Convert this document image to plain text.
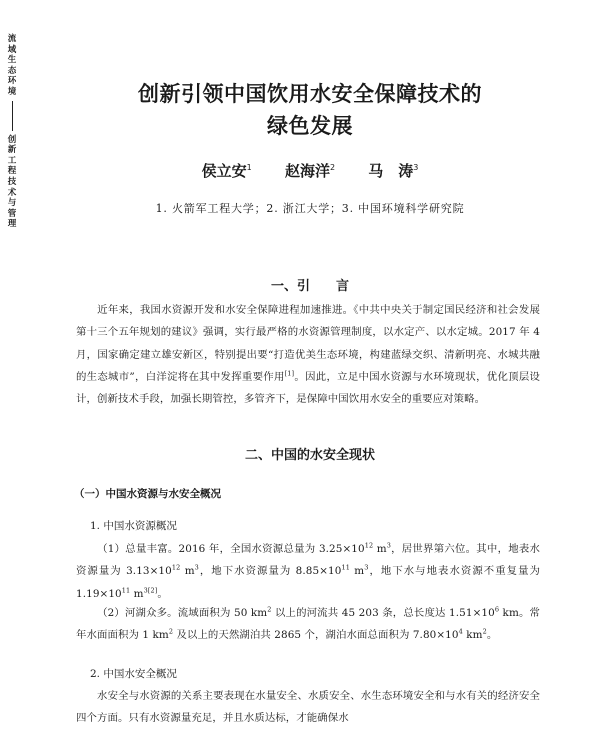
流
域
生
态
环
境
创
新
工
程
技
术
与
管
理
创新引领中国饮用水安全保障技术的
绿色发展
侯立安$^1$ 赵海洋$^2$ 马　涛$^3$
1. 火箭军工程大学；2. 浙江大学；3. 中国环境科学研究院
一、引　　言

近年来，我国水资源开发和水安全保障进程加速推进。《中共中央关于制定国民经济和社会发展第十三个五年规划的建议》强调，实行最严格的水资源管理制度，以水定产、以水定城。2017 年 4 月，国家确定建立雄安新区，特别提出要“打造优美生态环境，构建蓝绿交织、清新明亮、水城共融的生态城市”，白洋淀将在其中发挥重要作用[1]。因此，立足中国水资源与水环境现状，优化顶层设计，创新技术手段，加强长期管控，多管齐下，是保障中国饮用水安全的重要应对策略。

二、中国的水安全现状
（一）中国水资源与水安全概况
1. 中国水资源概况

（1）总量丰富。2016 年，全国水资源总量为 $3.25\times 10^{12}$ $m^3$，居世界第六位。其中，地表水资源量为 $3.13\times 10^{12}$ $m^3$，地下水资源量为 $8.85\times 10^{11}$ $m^3$，地下水与地表水资源不重复量为 $1.19\times 10^{11}$ $m^{3[2]}$。

（2）河湖众多。流域面积为 50 $km^2$ 以上的河流共 45 203 条，总长度达 $1.51\times 10^6$ km。常年水面面积为 1 $km^2$ 及以上的天然湖泊共 2865 个，湖泊水面总面积为 $7.80\times 10^4$ $km^2$。

2. 中国水安全概况

水安全与水资源的关系主要表现在水量安全、水质安全、水生态环境安全和与水有关的经济安全四个方面。只有水资源量充足，并且水质达标，才能确保水
